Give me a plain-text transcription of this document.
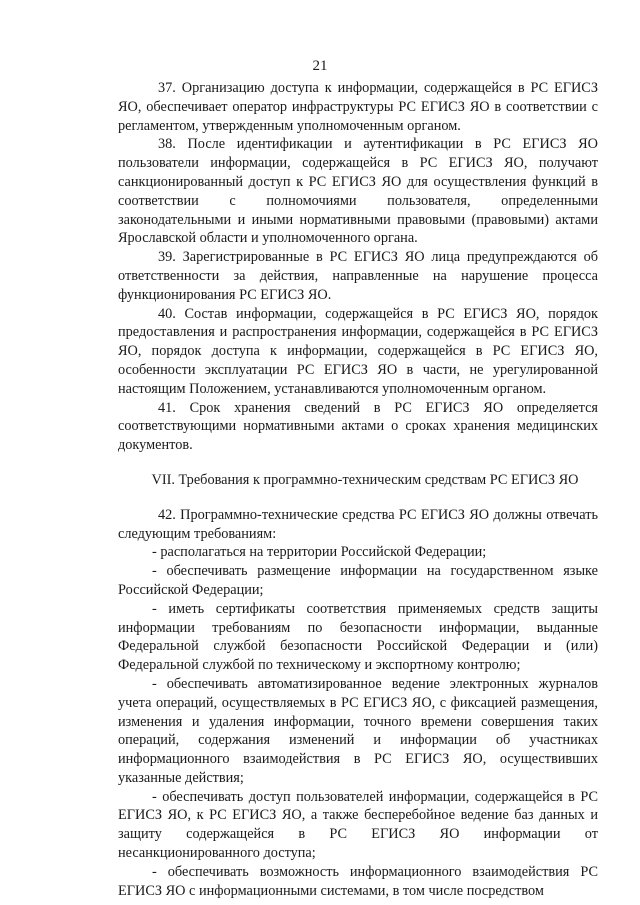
21

37. Организацию доступа к информации, содержащейся в РС ЕГИСЗ ЯО, обеспечивает оператор инфраструктуры РС ЕГИСЗ ЯО в соответствии с регламентом, утвержденным уполномоченным органом.

38. После идентификации и аутентификации в РС ЕГИСЗ ЯО пользователи информации, содержащейся в РС ЕГИСЗ ЯО, получают санкционированный доступ к РС ЕГИСЗ ЯО для осуществления функций в соответствии с полномочиями пользователя, определенными законодательными и иными нормативными правовыми (правовыми) актами Ярославской области и уполномоченного органа.

39. Зарегистрированные в РС ЕГИСЗ ЯО лица предупреждаются об ответственности за действия, направленные на нарушение процесса функционирования РС ЕГИСЗ ЯО.

40. Состав информации, содержащейся в РС ЕГИСЗ ЯО, порядок предоставления и распространения информации, содержащейся в РС ЕГИСЗ ЯО, порядок доступа к информации, содержащейся в РС ЕГИСЗ ЯО, особенности эксплуатации РС ЕГИСЗ ЯО в части, не урегулированной настоящим Положением, устанавливаются уполномоченным органом.

41. Срок хранения сведений в РС ЕГИСЗ ЯО определяется соответствующими нормативными актами о сроках хранения медицинских документов.

VII. Требования к программно-техническим средствам РС ЕГИСЗ ЯО

42. Программно-технические средства РС ЕГИСЗ ЯО должны отвечать следующим требованиям:

- располагаться на территории Российской Федерации;

- обеспечивать размещение информации на государственном языке Российской Федерации;

- иметь сертификаты соответствия применяемых средств защиты информации требованиям по безопасности информации, выданные Федеральной службой безопасности Российской Федерации и (или) Федеральной службой по техническому и экспортному контролю;

- обеспечивать автоматизированное ведение электронных журналов учета операций, осуществляемых в РС ЕГИСЗ ЯО, с фиксацией размещения, изменения и удаления информации, точного времени совершения таких операций, содержания изменений и информации об участниках информационного взаимодействия в РС ЕГИСЗ ЯО, осуществивших указанные действия;

- обеспечивать доступ пользователей информации, содержащейся в РС ЕГИСЗ ЯО, к РС ЕГИСЗ ЯО, а также бесперебойное ведение баз данных и защиту содержащейся в РС ЕГИСЗ ЯО информации от несанкционированного доступа;

- обеспечивать возможность информационного взаимодействия РС ЕГИСЗ ЯО с информационными системами, в том числе посредством
